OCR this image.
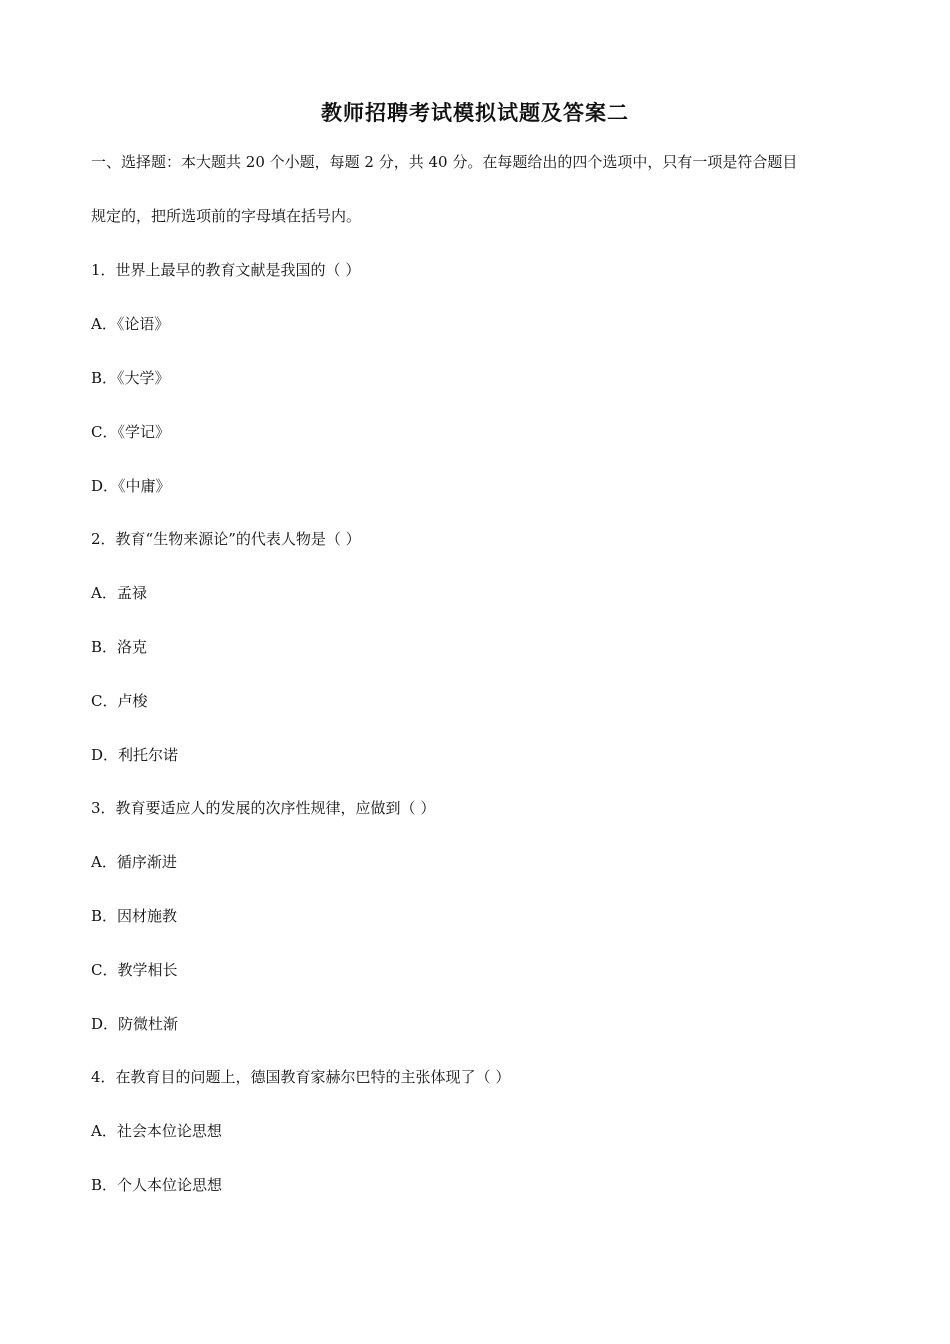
教师招聘考试模拟试题及答案二
一、选择题：本大题共 20 个小题，每题 2 分，共 40 分。在每题给出的四个选项中，只有一项是符合题目
规定的，把所选项前的字母填在括号内。
1．世界上最早的教育文献是我国的（ ）
A．《论语》
B．《大学》
C．《学记》
D．《中庸》
2．教育“生物来源论”的代表人物是（ ）
A．孟禄
B．洛克
C．卢梭
D．利托尔诺
3．教育要适应人的发展的次序性规律，应做到（ ）
A．循序渐进
B．因材施教
C．教学相长
D．防微杜渐
4．在教育目的问题上，德国教育家赫尔巴特的主张体现了（ ）
A．社会本位论思想
B．个人本位论思想
